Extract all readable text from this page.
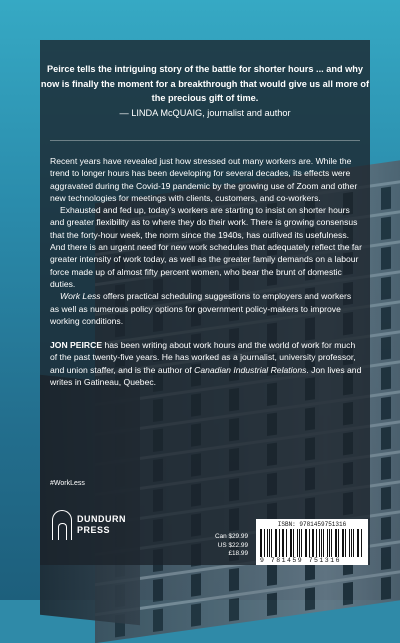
Peirce tells the intriguing story of the battle for shorter hours ... and why now is finally the moment for a breakthrough that would give us all more of the precious gift of time.
— LINDA McQUAIG, journalist and author

Recent years have revealed just how stressed out many workers are. While the trend to longer hours has been developing for several decades, its effects were aggravated during the Covid-19 pandemic by the growing use of Zoom and other new technologies for meetings with clients, customers, and co-workers.

Exhausted and fed up, today’s workers are starting to insist on shorter hours and greater flexibility as to where they do their work. There is growing consensus that the forty-hour week, the norm since the 1940s, has outlived its usefulness. And there is an urgent need for new work schedules that adequately reflect the far greater intensity of work today, as well as the greater family demands on a labour force made up of almost fifty percent women, who bear the brunt of domestic duties.

Work Less offers practical scheduling suggestions to employers and workers as well as numerous policy options for government policy-makers to improve working conditions.

JON PEIRCE has been writing about work hours and the world of work for much of the past twenty-five years. He has worked as a journalist, university professor, and union staffer, and is the author of Canadian Industrial Relations. Jon lives and writes in Gatineau, Quebec.

#WorkLess
DUNDURN
PRESS
Can $29.99
US $22.99
£18.99
ISBN: 9781459751316
9 781459 751316
